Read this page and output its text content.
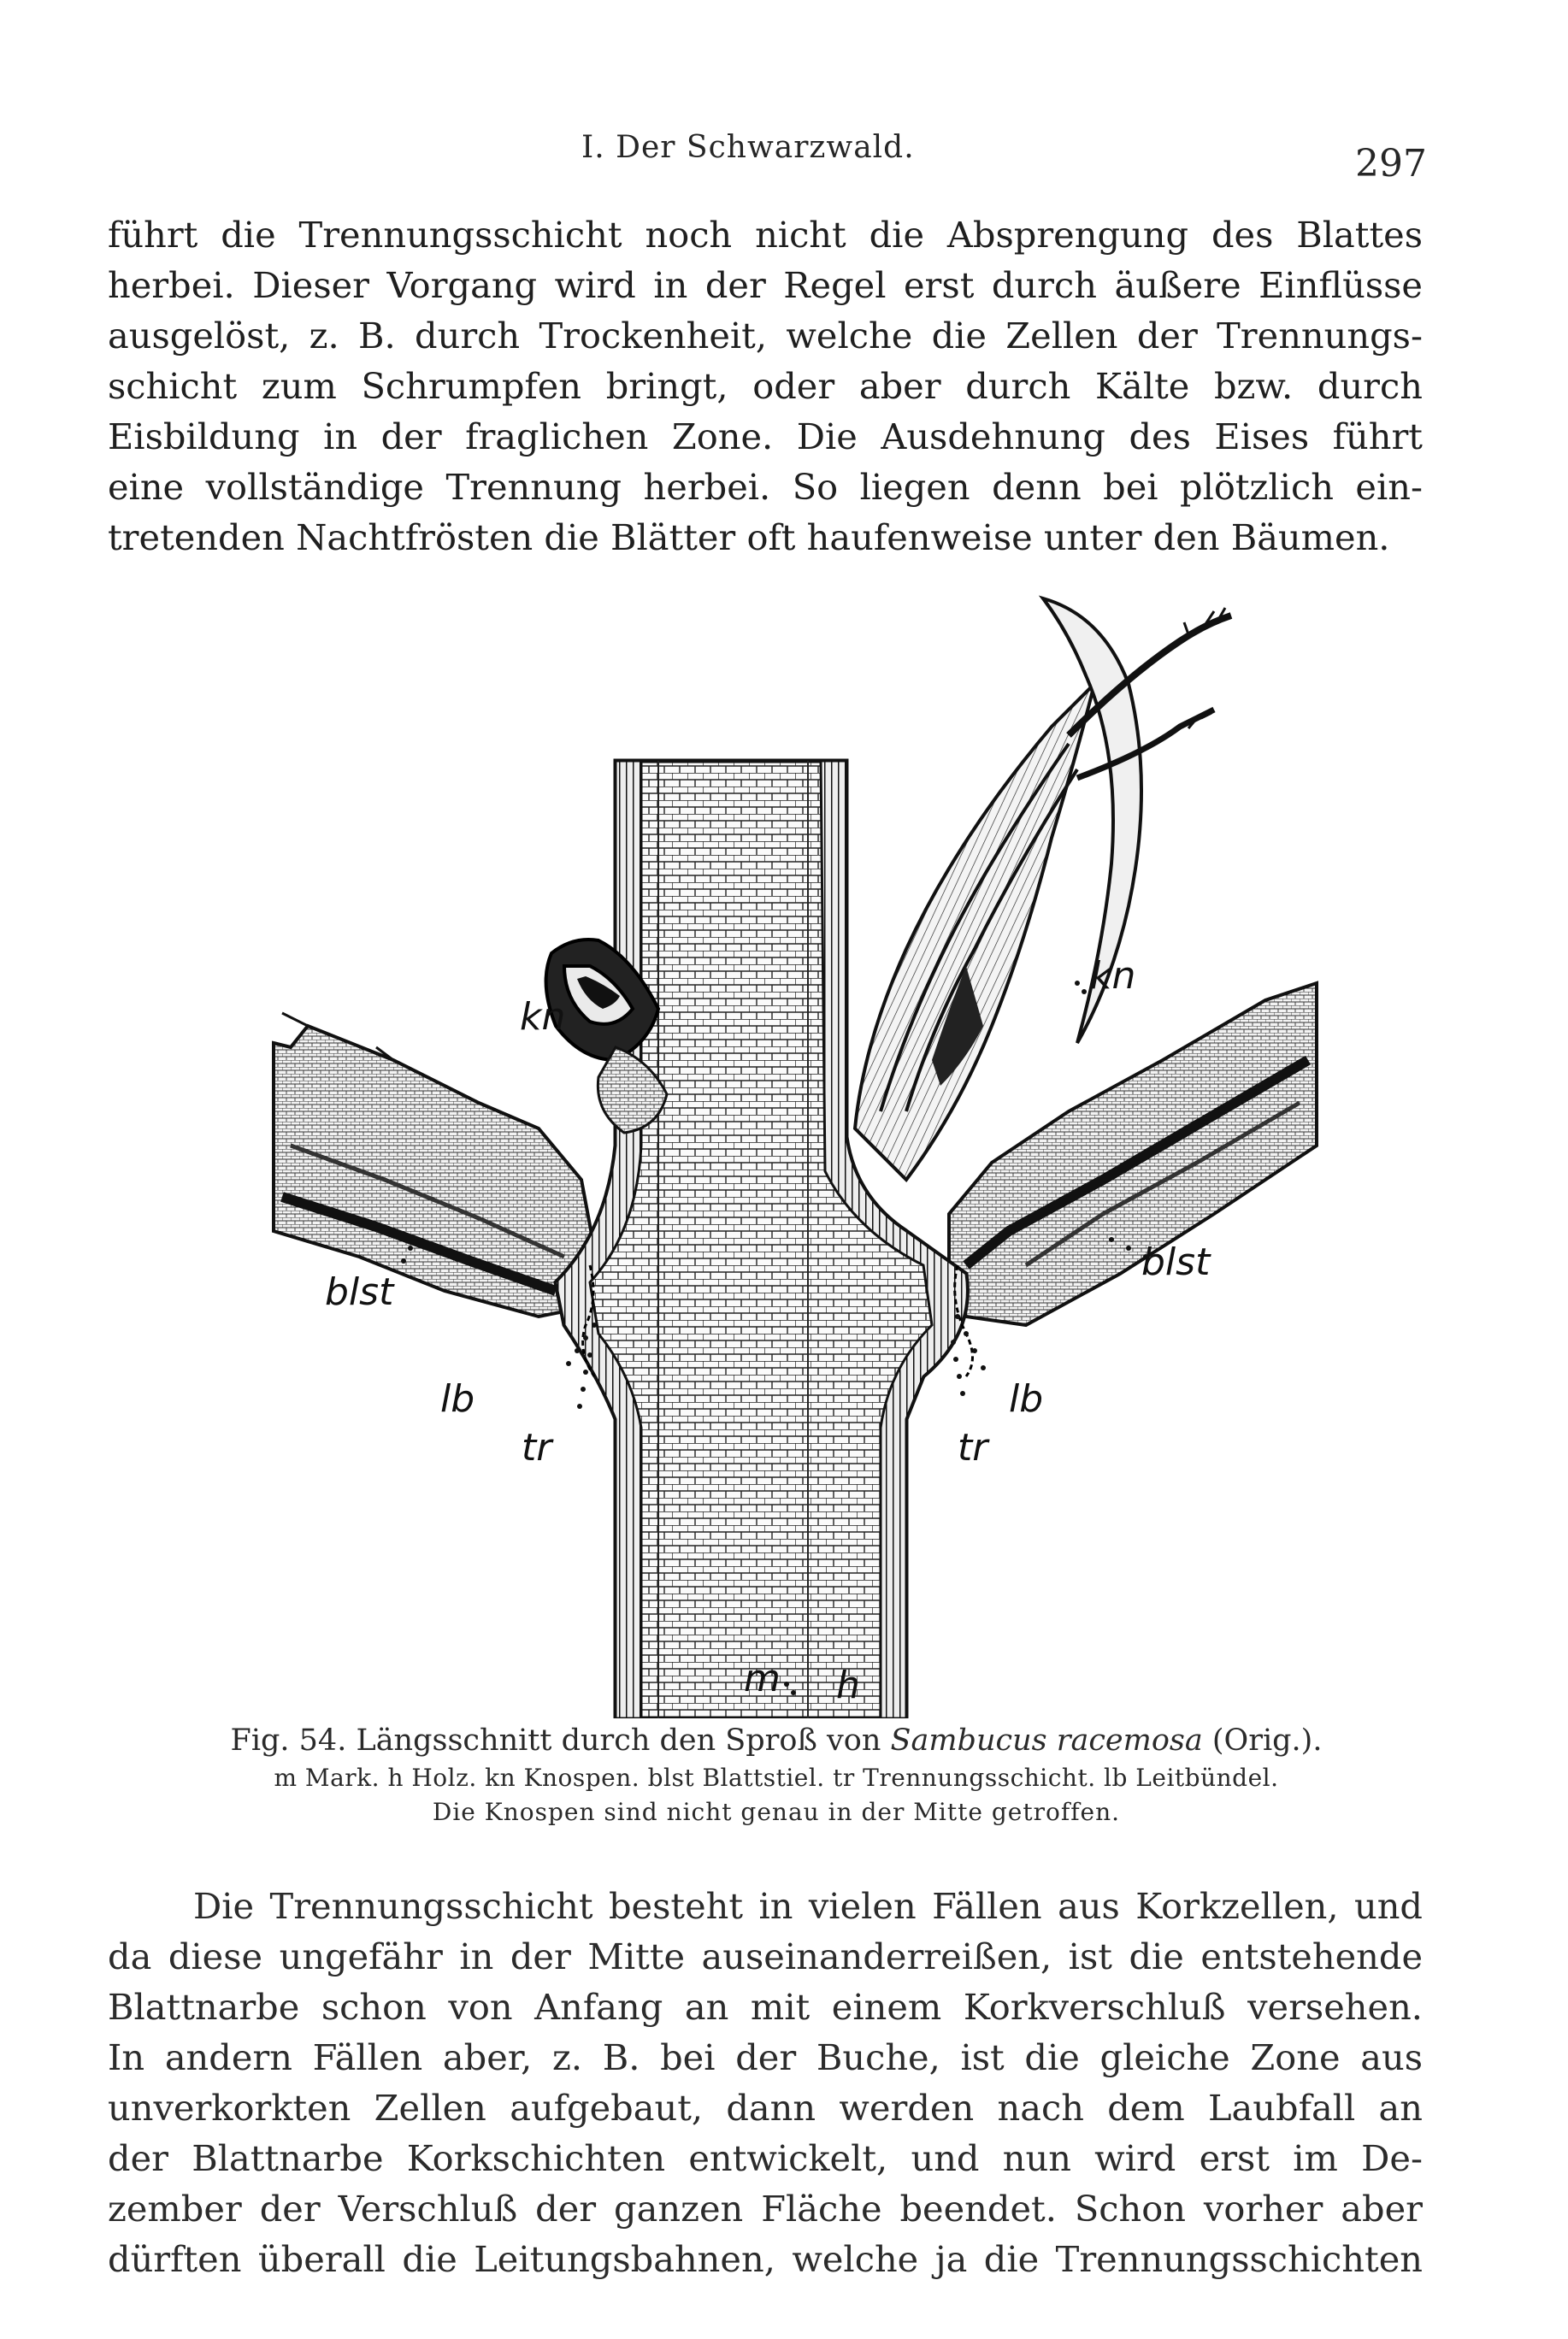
I. Der Schwarzwald.	297
führt die Trennungsschicht noch nicht die Absprengung des Blattes
herbei. Dieser Vorgang wird in der Regel erst durch äußere Einflüsse
ausgelöst, z. B. durch Trockenheit, welche die Zellen der Trennungs-
schicht zum Schrumpfen bringt, oder aber durch Kälte bzw. durch
Eisbildung in der fraglichen Zone. Die Ausdehnung des Eises führt
eine vollständige Trennung herbei. So liegen denn bei plötzlich ein-
tretenden Nachtfrösten die Blätter oft haufenweise unter den Bäumen.
kn
kn
blst
blst
lb	lb
tr	tr
m h
Fig. 54. Längsschnitt durch den Sproß von Sambucus racemosa (Orig.).
m Mark. h Holz. kn Knospen. blst Blattstiel. tr Trennungsschicht. lb Leitbündel.
Die Knospen sind nicht genau in der Mitte getroffen.
Die Trennungsschicht besteht in vielen Fällen aus Korkzellen, und
da diese ungefähr in der Mitte auseinanderreißen, ist die entstehende
Blattnarbe schon von Anfang an mit einem Korkverschluß versehen.
In andern Fällen aber, z. B. bei der Buche, ist die gleiche Zone aus
unverkorkten Zellen aufgebaut, dann werden nach dem Laubfall an
der Blattnarbe Korkschichten entwickelt, und nun wird erst im De-
zember der Verschluß der ganzen Fläche beendet. Schon vorher aber
dürften überall die Leitungsbahnen, welche ja die Trennungsschichten
